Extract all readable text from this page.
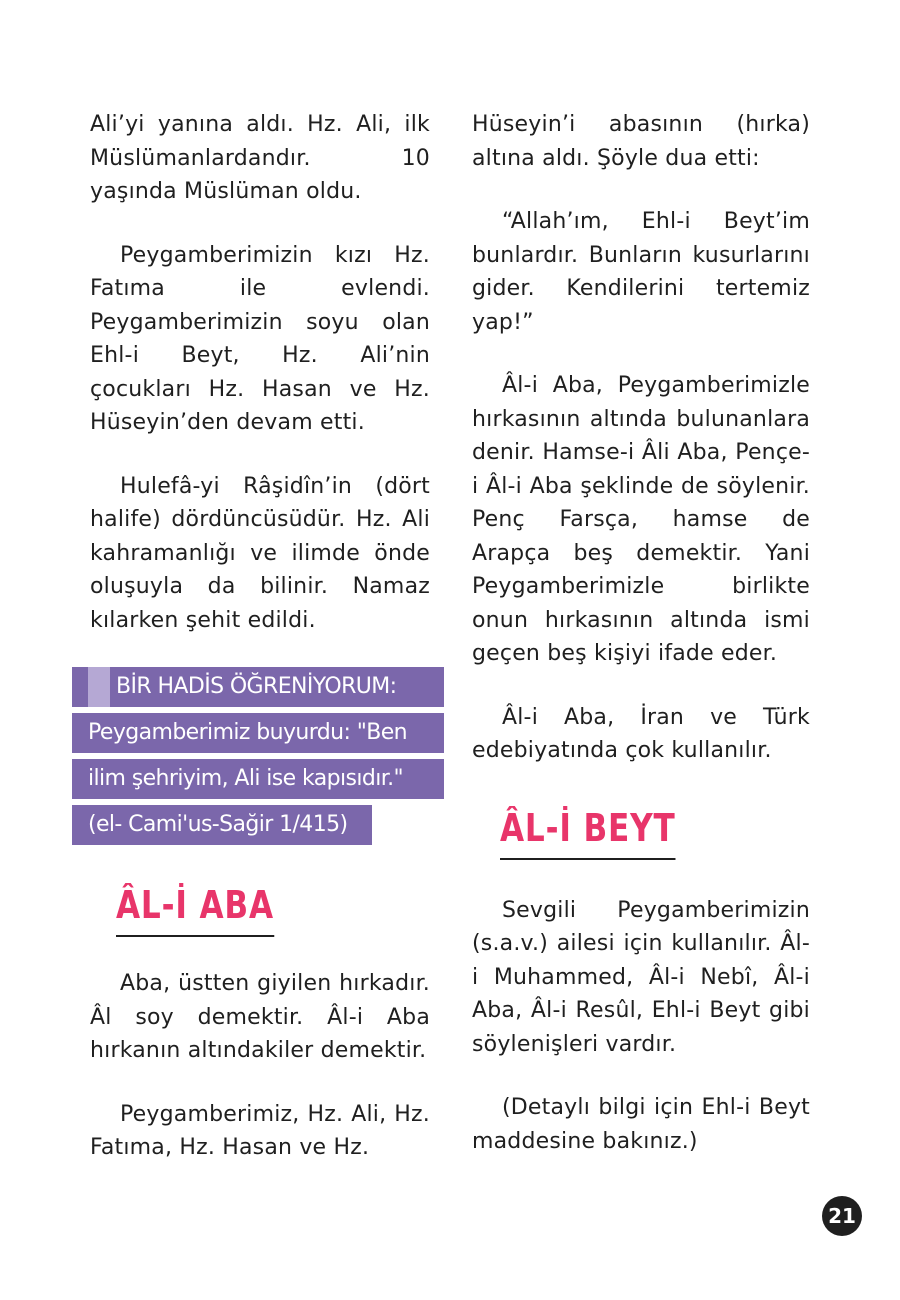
Ali’yi yanına aldı. Hz. Ali, ilk Müslümanlardandır. 10 yaşında Müslüman oldu.

Peygamberimizin kızı Hz. Fatıma ile evlendi. Peygamberimizin soyu olan Ehl-i Beyt, Hz. Ali’nin çocukları Hz. Hasan ve Hz. Hüseyin’den devam etti.

Hulefâ-yi Râşidîn’in (dört halife) dördüncüsüdür. Hz. Ali kahramanlığı ve ilimde önde oluşuyla da bilinir. Namaz kılarken şehit edildi.

BİR HADİS ÖĞRENİYORUM:
Peygamberimiz buyurdu: "Ben
ilim şehriyim, Ali ise kapısıdır."
(el- Cami'us-Sağir 1/415)
ÂL-İ ABA

Aba, üstten giyilen hırkadır. Âl soy demektir. Âl-i Aba hırkanın altındakiler demektir.

Peygamberimiz, Hz. Ali, Hz. Fatıma, Hz. Hasan ve Hz.

Hüseyin’i abasının (hırka) altına aldı. Şöyle dua etti:

“Allah’ım, Ehl-i Beyt’im bunlardır. Bunların kusurlarını gider. Kendilerini tertemiz yap!”

Âl-i Aba, Peygamberimizle hırkasının altında bulunanlara denir. Hamse-i Âli Aba, Pençe-i Âl-i Aba şeklinde de söylenir. Penç Farsça, hamse de Arapça beş demektir. Yani Peygamberimizle birlikte onun hırkasının altında ismi geçen beş kişiyi ifade eder.

Âl-i Aba, İran ve Türk edebiyatında çok kullanılır.

ÂL-İ BEYT

Sevgili Peygamberimizin (s.a.v.) ailesi için kullanılır. Âl-i Muhammed, Âl-i Nebî, Âl-i Aba, Âl-i Resûl, Ehl-i Beyt gibi söylenişleri vardır.

(Detaylı bilgi için Ehl-i Beyt maddesine bakınız.)

21
